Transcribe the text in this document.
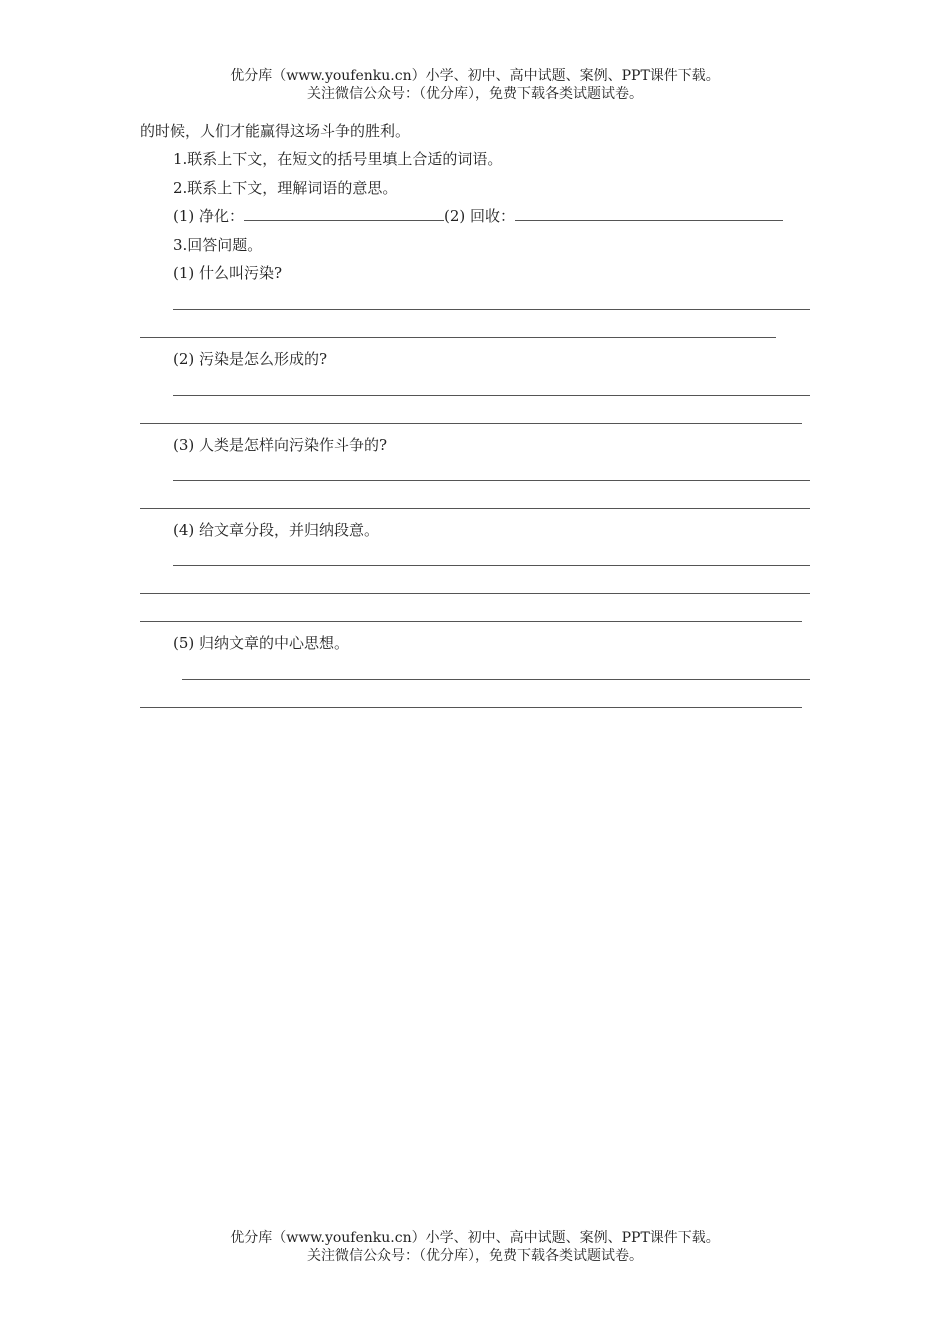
优分库（www.youfenku.cn）小学、初中、高中试题、案例、PPT课件下载。
关注微信公众号：（优分库），免费下载各类试题试卷。
的时候，人们才能赢得这场斗争的胜利。
1.联系上下文，在短文的括号里填上合适的词语。
2.联系上下文，理解词语的意思。
(1) 净化：	(2) 回收：
3.回答问题。
(1) 什么叫污染?
(2) 污染是怎么形成的?
(3) 人类是怎样向污染作斗争的?
(4) 给文章分段，并归纳段意。
(5) 归纳文章的中心思想。
优分库（www.youfenku.cn）小学、初中、高中试题、案例、PPT课件下载。
关注微信公众号：（优分库），免费下载各类试题试卷。
